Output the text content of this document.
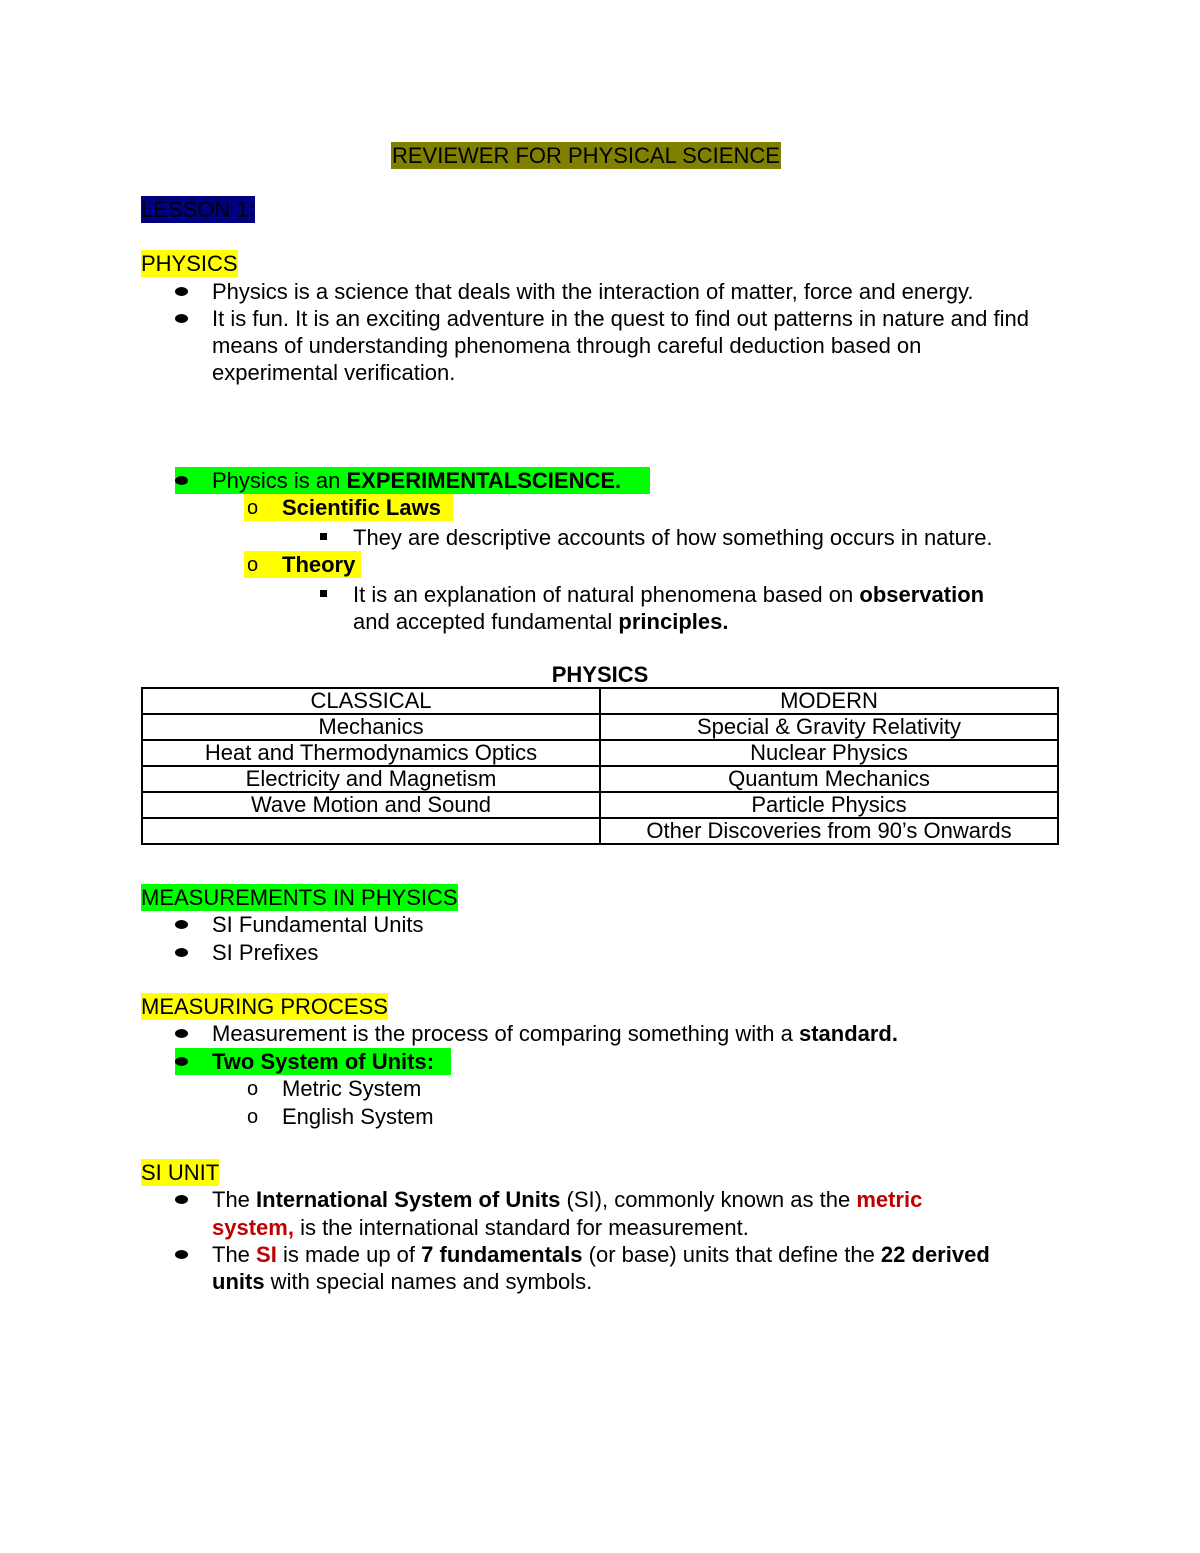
REVIEWER FOR PHYSICAL SCIENCE
LESSON 1:
PHYSICS
Physics is a science that deals with the interaction of matter, force and energy.
It is fun. It is an exciting adventure in the quest to find out patterns in nature and find means of understanding phenomena through careful deduction based on experimental verification.
Physics is an EXPERIMENTALSCIENCE.
o Scientific Laws
They are descriptive accounts of how something occurs in nature.
o Theory
It is an explanation of natural phenomena based on observation
and accepted fundamental principles.
PHYSICS
CLASSICAL	MODERN
Mechanics	Special & Gravity Relativity
Heat and Thermodynamics Optics	Nuclear Physics
Electricity and Magnetism	Quantum Mechanics
Wave Motion and Sound	Particle Physics
	Other Discoveries from 90’s Onwards
MEASUREMENTS IN PHYSICS
SI Fundamental Units
SI Prefixes
MEASURING PROCESS
Measurement is the process of comparing something with a standard.
Two System of Units:
o Metric System
o English System
SI UNIT
The International System of Units (SI), commonly known as the metric
system, is the international standard for measurement.
The SI is made up of 7 fundamentals (or base) units that define the 22 derived
units with special names and symbols.
